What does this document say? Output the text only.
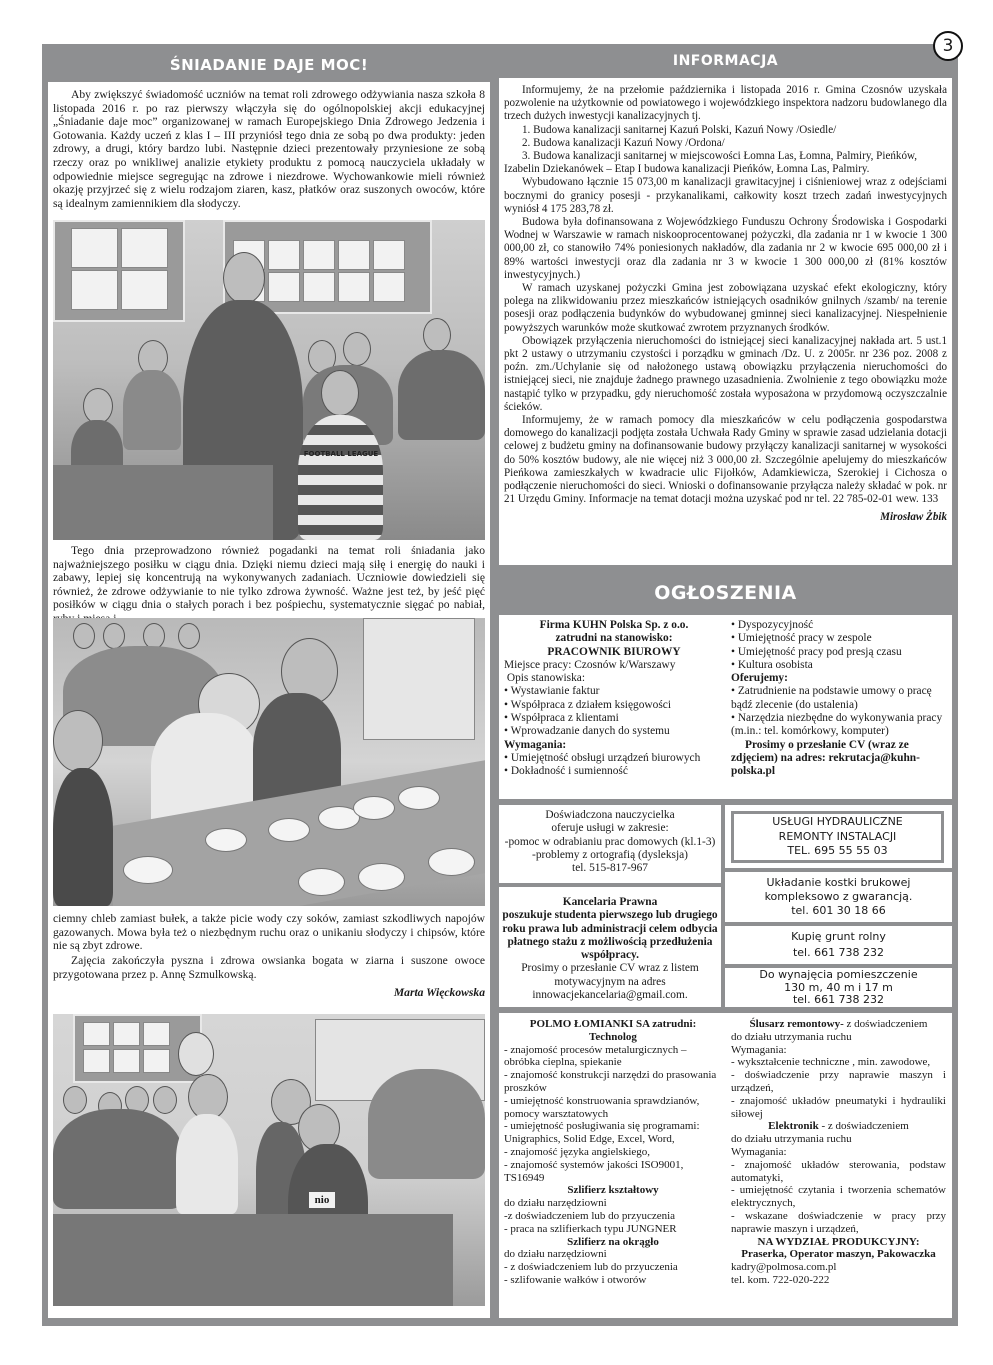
3
ŚNIADANIE DAJE MOC!

Aby zwiększyć świadomość uczniów na temat roli zdrowego odżywiania nasza szkoła 8 listopada 2016 r. po raz pierwszy włączyła się do ogólnopolskiej akcji edukacyjnej „Śniadanie daje moc” organizowanej w ramach Europejskiego Dnia Zdrowego Jedzenia i Gotowania. Każdy uczeń z klas I – III przyniósł tego dnia ze sobą po dwa produkty: jeden zdrowy, a drugi, który bardzo lubi. Następnie dzieci prezentowały przyniesione ze sobą rzeczy oraz po wnikliwej analizie etykiety produktu z pomocą nauczyciela układały w odpowiednie miejsce segregując na zdrowe i niezdrowe. Wychowankowie mieli również okazję przyjrzeć się z wielu rodzajom ziaren, kasz, płatków oraz suszonych owoców, które są idealnym zamiennikiem dla słodyczy.

FOOTBALL LEAGUE

Tego dnia przeprowadzono również pogadanki na temat roli śniadania jako najważniejszego posiłku w ciągu dnia. Dzięki niemu dzieci mają siłę i energię do nauki i zabawy, lepiej się koncentrują na wykonywanych zadaniach. Uczniowie dowiedzieli się również, że zdrowe odżywianie to nie tylko zdrowa żywność. Ważne jest też, by jeść pięć posiłków w ciągu dnia o stałych porach i bez pośpiechu, systematycznie sięgać po nabiał,

ciemny chleb zamiast bułek, a także picie wody czy soków, zamiast szkodliwych napojów gazowanych. Mowa była też o niezbędnym ruchu oraz o unikaniu słodyczy i chipsów, które nie są zbyt zdrowe.

Zajęcia zakończyła pyszna i zdrowa owsianka bogata w ziarna i suszone owoce przygotowana przez p. Annę Szmulkowską.

Marta Więckowska

nio
INFORMACJA

Informujemy, że na przełomie października i listopada 2016 r. Gmina Czosnów uzyskała pozwolenie na użytkownie od powiatowego i wojewódzkiego inspektora nadzoru budowlanego dla trzech dużych inwestycji kanalizacyjnych tj.

1. Budowa kanalizacji sanitarnej Kazuń Polski, Kazuń Nowy /Osiedle/

2. Budowa kanalizacji Kazuń Nowy /Ordona/

3. Budowa kanalizacji sanitarnej w miejscowości Łomna Las, Łomna, Palmiry, Pieńków,

Izabelin Dziekanówek – Etap I budowa kanalizacji Pieńków, Łomna Las, Palmiry.

Wybudowano łącznie 15 073,00 m kanalizacji grawitacyjnej i ciśnieniowej wraz z odejściami bocznymi do granicy posesji - przykanalikami, całkowity koszt trzech zadań inwestycyjnych wyniósł 4 175 283,78 zł.

Budowa była dofinansowana z Wojewódzkiego Funduszu Ochrony Środowiska i Gospodarki Wodnej w Warszawie w ramach niskooprocentowanej pożyczki, dla zadania nr 1 w kwocie 1 300 000,00 zł, co stanowiło 74% poniesionych nakładów, dla zadania nr 2 w kwocie 695 000,00 zł i 89% wartości inwestycji oraz dla zadania nr 3 w kwocie 1 300 000,00 zł (81% kosztów inwestycyjnych.)

W ramach uzyskanej pożyczki Gmina jest zobowiązana uzyskać efekt ekologiczny, który polega na zlikwidowaniu przez mieszkańców istniejących osadników gnilnych /szamb/ na terenie posesji oraz podłączenia budynków do wybudowanej gminnej sieci kanalizacyjnej. Niespełnienie powyższych warunków może skutkować zwrotem przyznanych środków.

Obowiązek przyłączenia nieruchomości do istniejącej sieci kanalizacyjnej nakłada art. 5 ust.1 pkt 2 ustawy o utrzymaniu czystości i porządku w gminach /Dz. U. z 2005r. nr 236 poz. 2008 z poźn. zm./Uchylanie się od nałożonego ustawą obowiązku przyłączenia nieruchomości do istniejącej sieci, nie znajduje żadnego prawnego uzasadnienia. Zwolnienie z tego obowiązku może nastąpić tylko w przypadku, gdy nieruchomość została wyposażona w przydomową oczyszczalnie ścieków.

Informujemy, że w ramach pomocy dla mieszkańców w celu podłączenia gospodarstwa domowego do kanalizacji podjęta została Uchwała Rady Gminy w sprawie zasad udzielania dotacji celowej z budżetu gminy na dofinansowanie budowy przyłączy kanalizacji sanitarnej w wysokości do 50% kosztów budowy, ale nie więcej niż 3 000,00 zł. Szczególnie apelujemy do mieszkańców Pieńkowa zamieszkałych w kwadracie ulic Fijołków, Adamkiewicza, Szerokiej i Cichosza o podłączenie nieruchomości do sieci. Wnioski o dofinansowanie przyłącza należy składać w pok. nr 21 Urzędu Gminy. Informacje na temat dotacji można uzyskać pod nr tel. 22 785-02-01 wew. 133

Mirosław Żbik

OGŁOSZENIA
Firma KUHN Polska Sp. z o.o.
zatrudni na stanowisko:
PRACOWNIK BIUROWY
Miejsce pracy: Czosnów k/Warszawy
Opis stanowiska:
• Wystawianie faktur
• Współpraca z działem księgowości
• Współpraca z klientami
• Wprowadzanie danych do systemu
Wymagania:
• Umiejętność obsługi urządzeń biurowych
• Dokładność i sumienność
• Dyspozycyjność
• Umiejętność pracy w zespole
• Umiejętność pracy pod presją czasu
• Kultura osobista
Oferujemy:
• Zatrudnienie na podstawie umowy o pracę bądź zlecenie (do ustalenia)
• Narzędzia niezbędne do wykonywania pracy (m.in.: tel. komórkowy, komputer)
Prosimy o przesłanie CV (wraz ze zdjęciem) na adres: rekrutacja@kuhn-polska.pl
Doświadczona nauczycielka
oferuje usługi w zakresie:
-pomoc w odrabianiu prac domowych (kl.1-3)
-problemy z ortografią (dysleksja)
tel. 515-817-967
Kancelaria Prawna
poszukuje studenta pierwszego lub drugiego roku prawa lub administracji celem odbycia płatnego stażu z możliwością przedłużenia współpracy.
Prosimy o przesłanie CV wraz z listem motywacyjnym na adres innowacjekancelaria@gmail.com.
USŁUGI HYDRAULICZNE
REMONTY INSTALACJI
TEL. 695 55 55 03
Układanie kostki brukowej
kompleksowo z gwarancją.
tel. 601 30 18 66
Kupię grunt rolny
tel. 661 738 232
Do wynajęcia pomieszczenie
130 m, 40 m i 17 m
tel. 661 738 232
POLMO ŁOMIANKI SA zatrudni:
Technolog
- znajomość procesów metalurgicznych – obróbka cieplna, spiekanie
- znajomość konstrukcji narzędzi do prasowania proszków
- umiejętność konstruowania sprawdzianów, pomocy warsztatowych
- umiejętność posługiwania się programami: Unigraphics, Solid Edge, Excel, Word,
- znajomość języka angielskiego,
- znajomość systemów jakości ISO9001, TS16949
Szlifierz kształtowy
do działu narzędziowni
-z doświadczeniem lub do przyuczenia
- praca na szlifierkach typu JUNGNER
Szlifierz na okrągło
do działu narzędziowni
- z doświadczeniem lub do przyuczenia
- szlifowanie wałków i otworów
Ślusarz remontowy- z doświadczeniem
do działu utrzymania ruchu
Wymagania:
- wykształcenie techniczne , min. zawodowe,
- doświadczenie przy naprawie maszyn i urządzeń,
- znajomość układów pneumatyki i hydrauliki siłowej
Elektronik - z doświadczeniem
do działu utrzymania ruchu
Wymagania:
- znajomość układów sterowania, podstaw automatyki,
- umiejętność czytania i tworzenia schematów elektrycznych,
- wskazane doświadczenie w pracy przy naprawie maszyn i urządzeń,
NA WYDZIAŁ PRODUKCYJNY:
Praserka, Operator maszyn, Pakowaczka
kadry@polmosa.com.pl
tel. kom. 722-020-222
